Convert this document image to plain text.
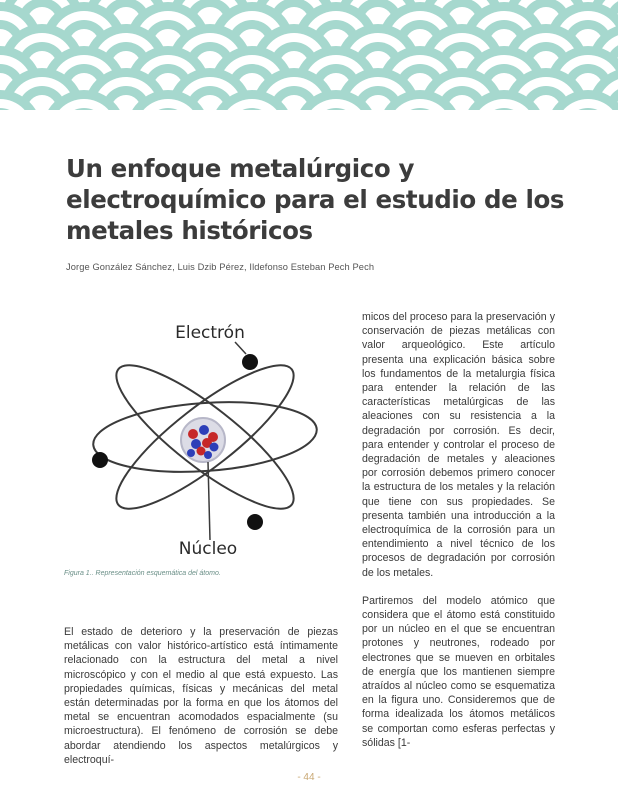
Un enfoque metalúrgico y electroquímico para el estudio de los metales históricos
Jorge González Sánchez, Luis Dzib Pérez, Ildefonso Esteban Pech Pech
Electrón
Núcleo
Figura 1.. Representación esquemática del átomo.

El estado de deterioro y la preservación de piezas metálicas con valor histórico-artístico está íntimamente relacionado con la estructura del metal a nivel microscópico y con el medio al que está expuesto. Las propiedades químicas, físicas y mecánicas del metal están determinadas por la forma en que los átomos del metal se encuentran acomodados espacialmente (su microestructura). El fenómeno de corrosión se debe abordar atendiendo los aspectos metalúrgicos y electroquí-

micos del proceso para la preservación y conservación de piezas metálicas con valor arqueológico. Este artículo presenta una explicación básica sobre los fundamentos de la metalurgia física para entender la relación de las características metalúrgicas de las aleaciones con su resistencia a la degradación por corrosión. Es decir, para entender y controlar el proceso de degradación de metales y aleaciones por corrosión debemos primero conocer la estructura de los metales y la relación que tiene con sus propiedades. Se presenta también una introducción a la electroquímica de la corrosión para un entendimiento a nivel técnico de los procesos de degradación por corrosión de los metales.

Partiremos del modelo atómico que considera que el átomo está constituido por un núcleo en el que se encuentran protones y neutrones, rodeado por electrones que se mueven en orbitales de energía que los mantienen siempre atraídos al núcleo como se esquematiza en la figura uno. Consideremos que de forma idealizada los átomos metálicos se comportan como esferas perfectas y sólidas [1-

- 44 -
